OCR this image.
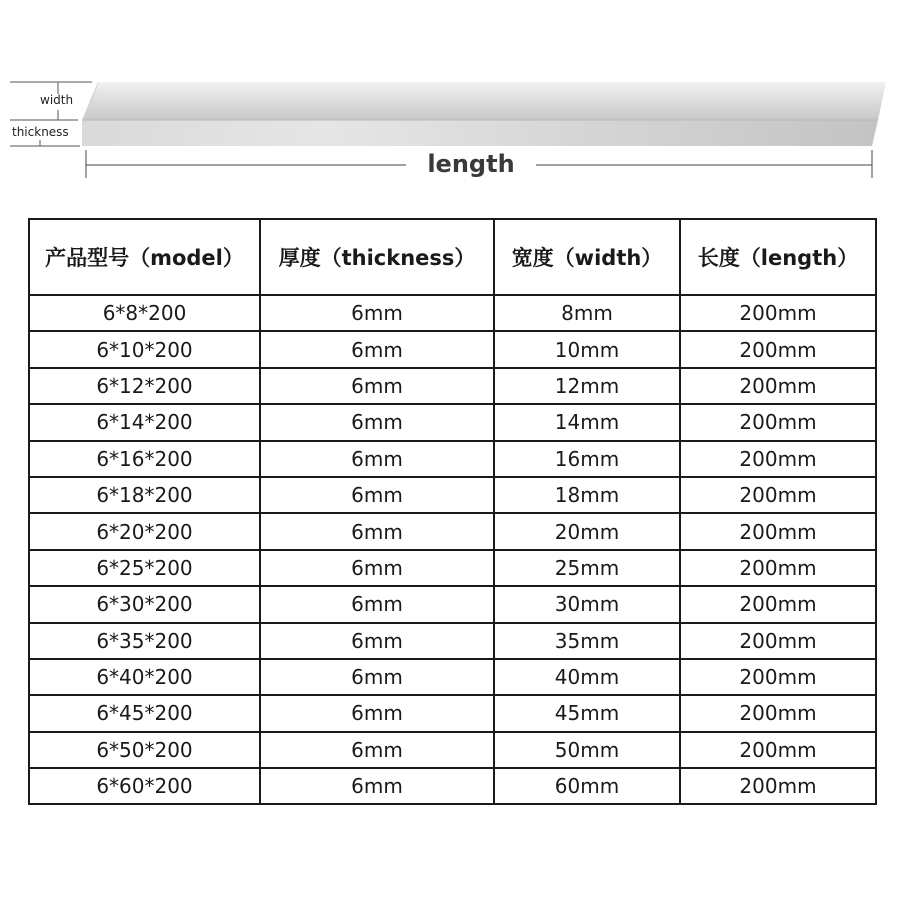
width
thickness
length
产品型号（model）	厚度（thickness）	宽度（width）	长度（length）
6*8*200	6mm	8mm	200mm
6*10*200	6mm	10mm	200mm
6*12*200	6mm	12mm	200mm
6*14*200	6mm	14mm	200mm
6*16*200	6mm	16mm	200mm
6*18*200	6mm	18mm	200mm
6*20*200	6mm	20mm	200mm
6*25*200	6mm	25mm	200mm
6*30*200	6mm	30mm	200mm
6*35*200	6mm	35mm	200mm
6*40*200	6mm	40mm	200mm
6*45*200	6mm	45mm	200mm
6*50*200	6mm	50mm	200mm
6*60*200	6mm	60mm	200mm
